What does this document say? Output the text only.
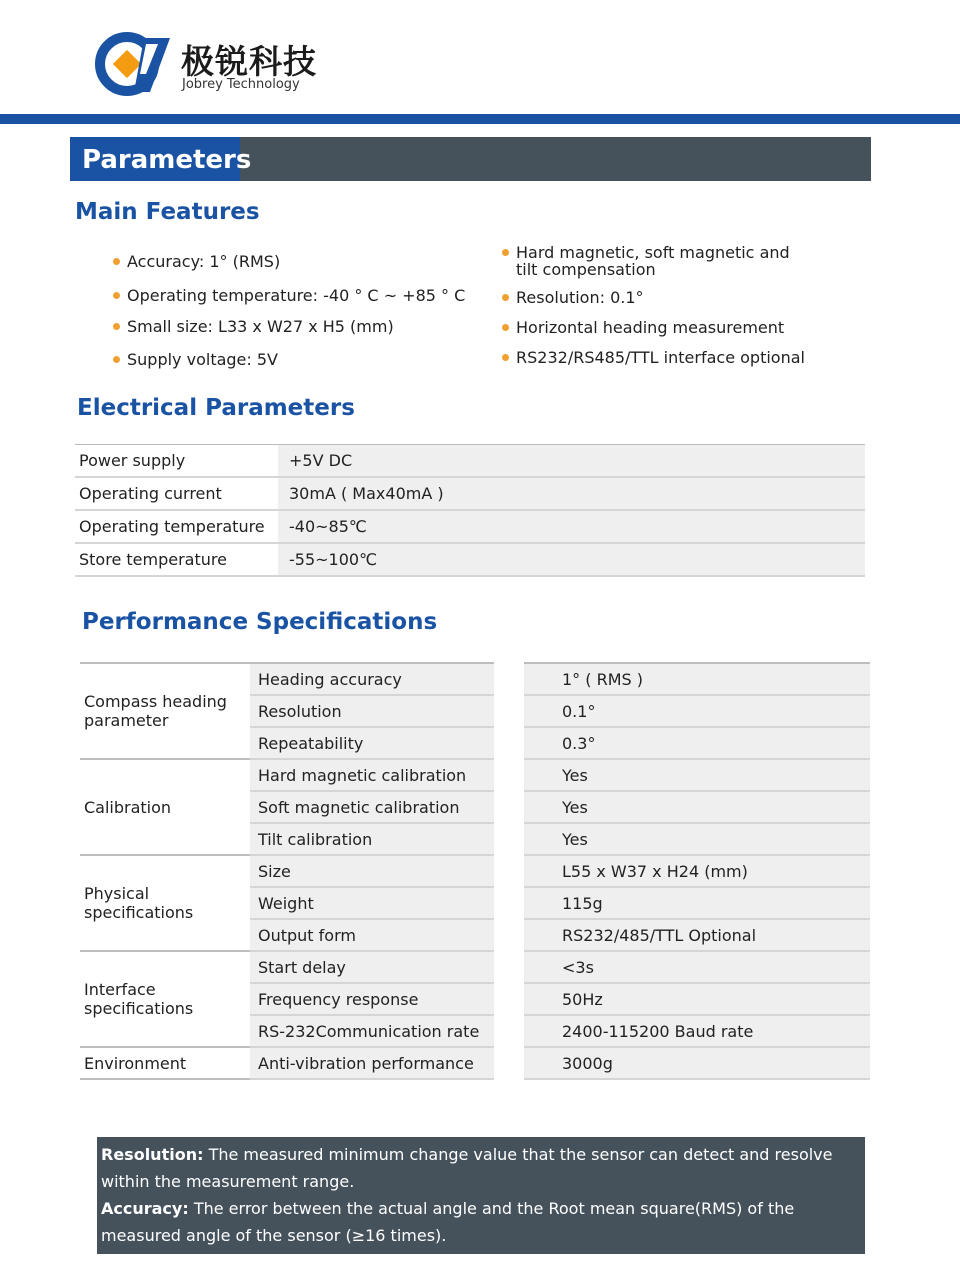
极锐科技
Jobrey Technology
Parameters
Main Features
Accuracy: 1° (RMS)
Operating temperature: -40 ° C ~ +85 ° C
Small size: L33 x W27 x H5 (mm)
Supply voltage: 5V
Hard magnetic, soft magnetic and tilt compensation
Resolution: 0.1°
Horizontal heading measurement
RS232/RS485/TTL interface optional
Electrical Parameters
Power supply	+5V DC
Operating current	30mA ( Max40mA )
Operating temperature	-40~85℃
Store temperature	-55~100℃
Performance Specifications
Compass heading parameter	Heading accuracy	1° ( RMS )
	Resolution	0.1°
	Repeatability	0.3°
Calibration	Hard magnetic calibration	Yes
	Soft magnetic calibration	Yes
	Tilt calibration	Yes
Physical specifications	Size	L55 x W37 x H24 (mm)
	Weight	115g
	Output form	RS232/485/TTL Optional
Interface specifications	Start delay	<3s
	Frequency response	50Hz
	RS-232Communication rate	2400-115200 Baud rate
Environment	Anti-vibration performance	3000g
Resolution: The measured minimum change value that the sensor can detect and resolve within the measurement range.
Accuracy: The error between the actual angle and the Root mean square(RMS) of the measured angle of the sensor (≥16 times).
